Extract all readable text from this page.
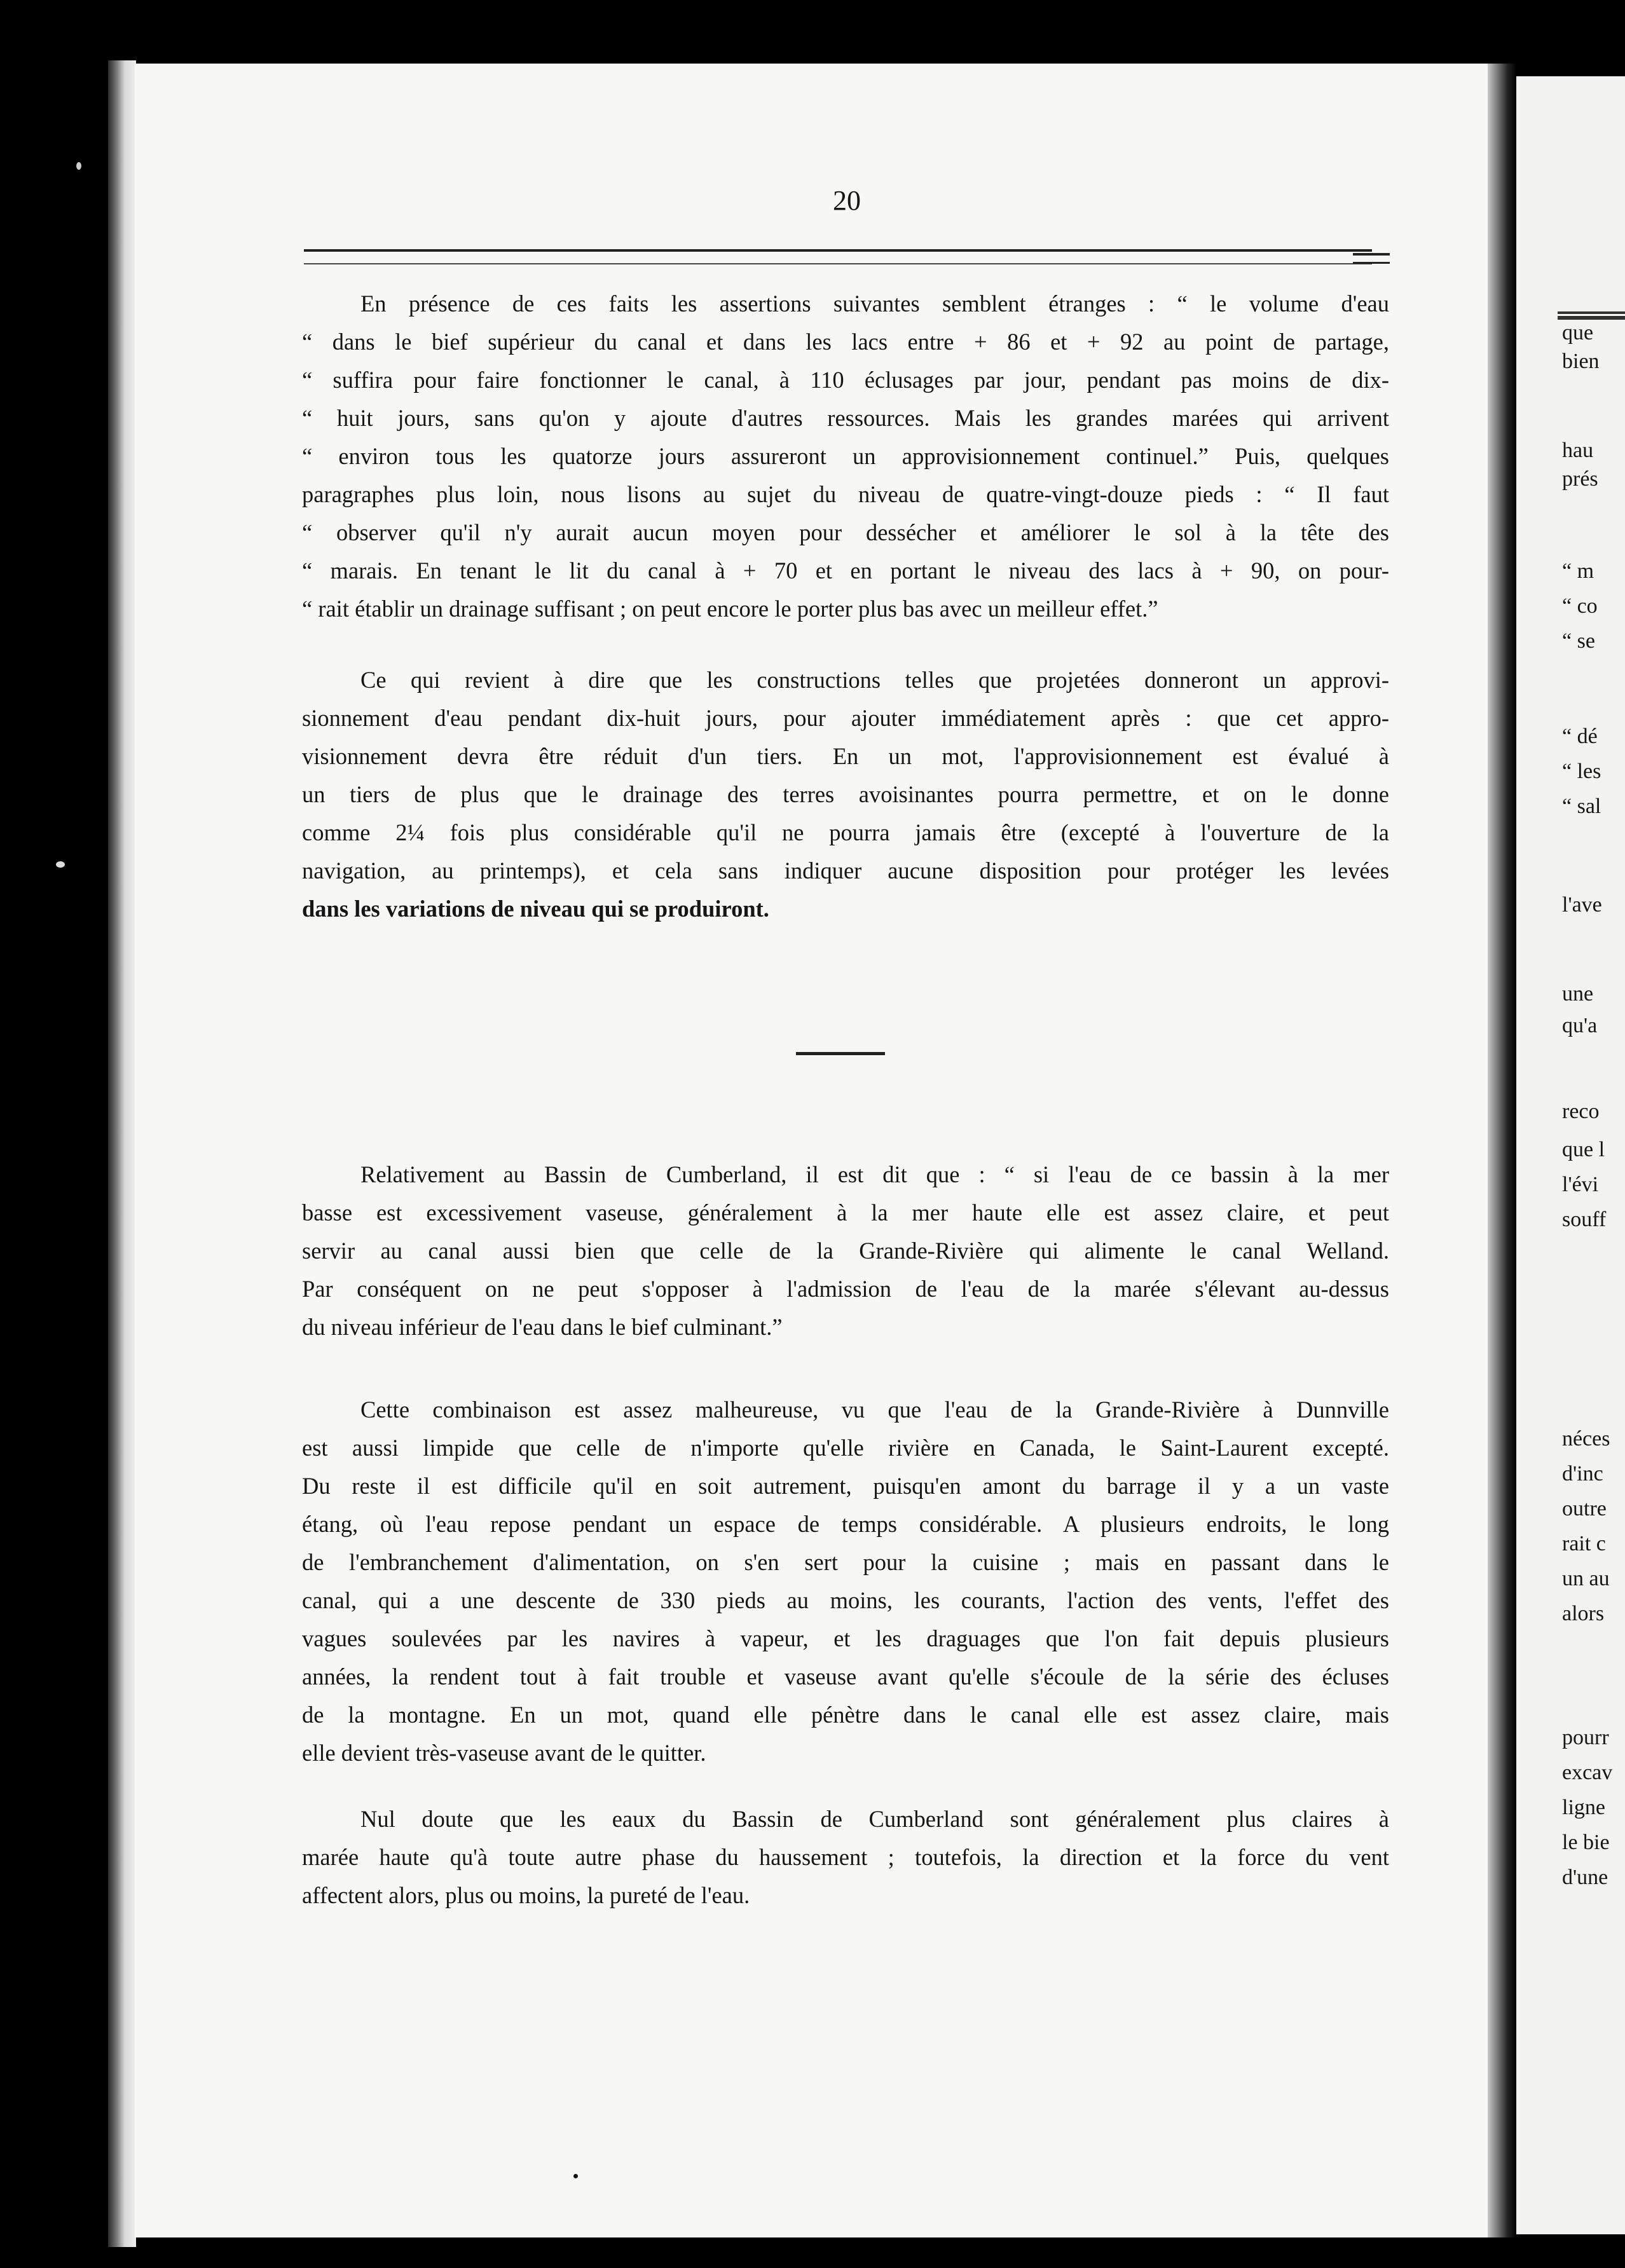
que
bien
hau
prés
“ m
“ co
“ se
“ dé
“ les
“ sal
l'ave
une
qu'a
reco
que l
l'évi
souff
néces
d'inc
outre
rait c
un au
alors
pourr
excav
ligne
le bie
d'une
20
En présence de ces faits les assertions suivantes semblent étranges : “ le volume d'eau
“ dans le bief supérieur du canal et dans les lacs entre + 86 et + 92 au point de partage,
“ suffira pour faire fonctionner le canal, à 110 éclusages par jour, pendant pas moins de dix-
“ huit jours, sans qu'on y ajoute d'autres ressources. Mais les grandes marées qui arrivent
“ environ tous les quatorze jours assureront un approvisionnement continuel.” Puis, quelques
paragraphes plus loin, nous lisons au sujet du niveau de quatre-vingt-douze pieds : “ Il faut
“ observer qu'il n'y aurait aucun moyen pour dessécher et améliorer le sol à la tête des
“ marais. En tenant le lit du canal à + 70 et en portant le niveau des lacs à + 90, on pour-
“ rait établir un drainage suffisant ; on peut encore le porter plus bas avec un meilleur effet.”
Ce qui revient à dire que les constructions telles que projetées donneront un approvi-
sionnement d'eau pendant dix-huit jours, pour ajouter immédiatement après : que cet appro-
visionnement devra être réduit d'un tiers. En un mot, l'approvisionnement est évalué à
un tiers de plus que le drainage des terres avoisinantes pourra permettre, et on le donne
comme 2¼ fois plus considérable qu'il ne pourra jamais être (excepté à l'ouverture de la
navigation, au printemps), et cela sans indiquer aucune disposition pour protéger les levées
dans les variations de niveau qui se produiront.
Relativement au Bassin de Cumberland, il est dit que : “ si l'eau de ce bassin à la mer
basse est excessivement vaseuse, généralement à la mer haute elle est assez claire, et peut
servir au canal aussi bien que celle de la Grande-Rivière qui alimente le canal Welland.
Par conséquent on ne peut s'opposer à l'admission de l'eau de la marée s'élevant au-dessus
du niveau inférieur de l'eau dans le bief culminant.”
Cette combinaison est assez malheureuse, vu que l'eau de la Grande-Rivière à Dunnville
est aussi limpide que celle de n'importe qu'elle rivière en Canada, le Saint-Laurent excepté.
Du reste il est difficile qu'il en soit autrement, puisqu'en amont du barrage il y a un vaste
étang, où l'eau repose pendant un espace de temps considérable. A plusieurs endroits, le long
de l'embranchement d'alimentation, on s'en sert pour la cuisine ; mais en passant dans le
canal, qui a une descente de 330 pieds au moins, les courants, l'action des vents, l'effet des
vagues soulevées par les navires à vapeur, et les draguages que l'on fait depuis plusieurs
années, la rendent tout à fait trouble et vaseuse avant qu'elle s'écoule de la série des écluses
de la montagne. En un mot, quand elle pénètre dans le canal elle est assez claire, mais
elle devient très-vaseuse avant de le quitter.
Nul doute que les eaux du Bassin de Cumberland sont généralement plus claires à
marée haute qu'à toute autre phase du haussement ; toutefois, la direction et la force du vent
affectent alors, plus ou moins, la pureté de l'eau.
